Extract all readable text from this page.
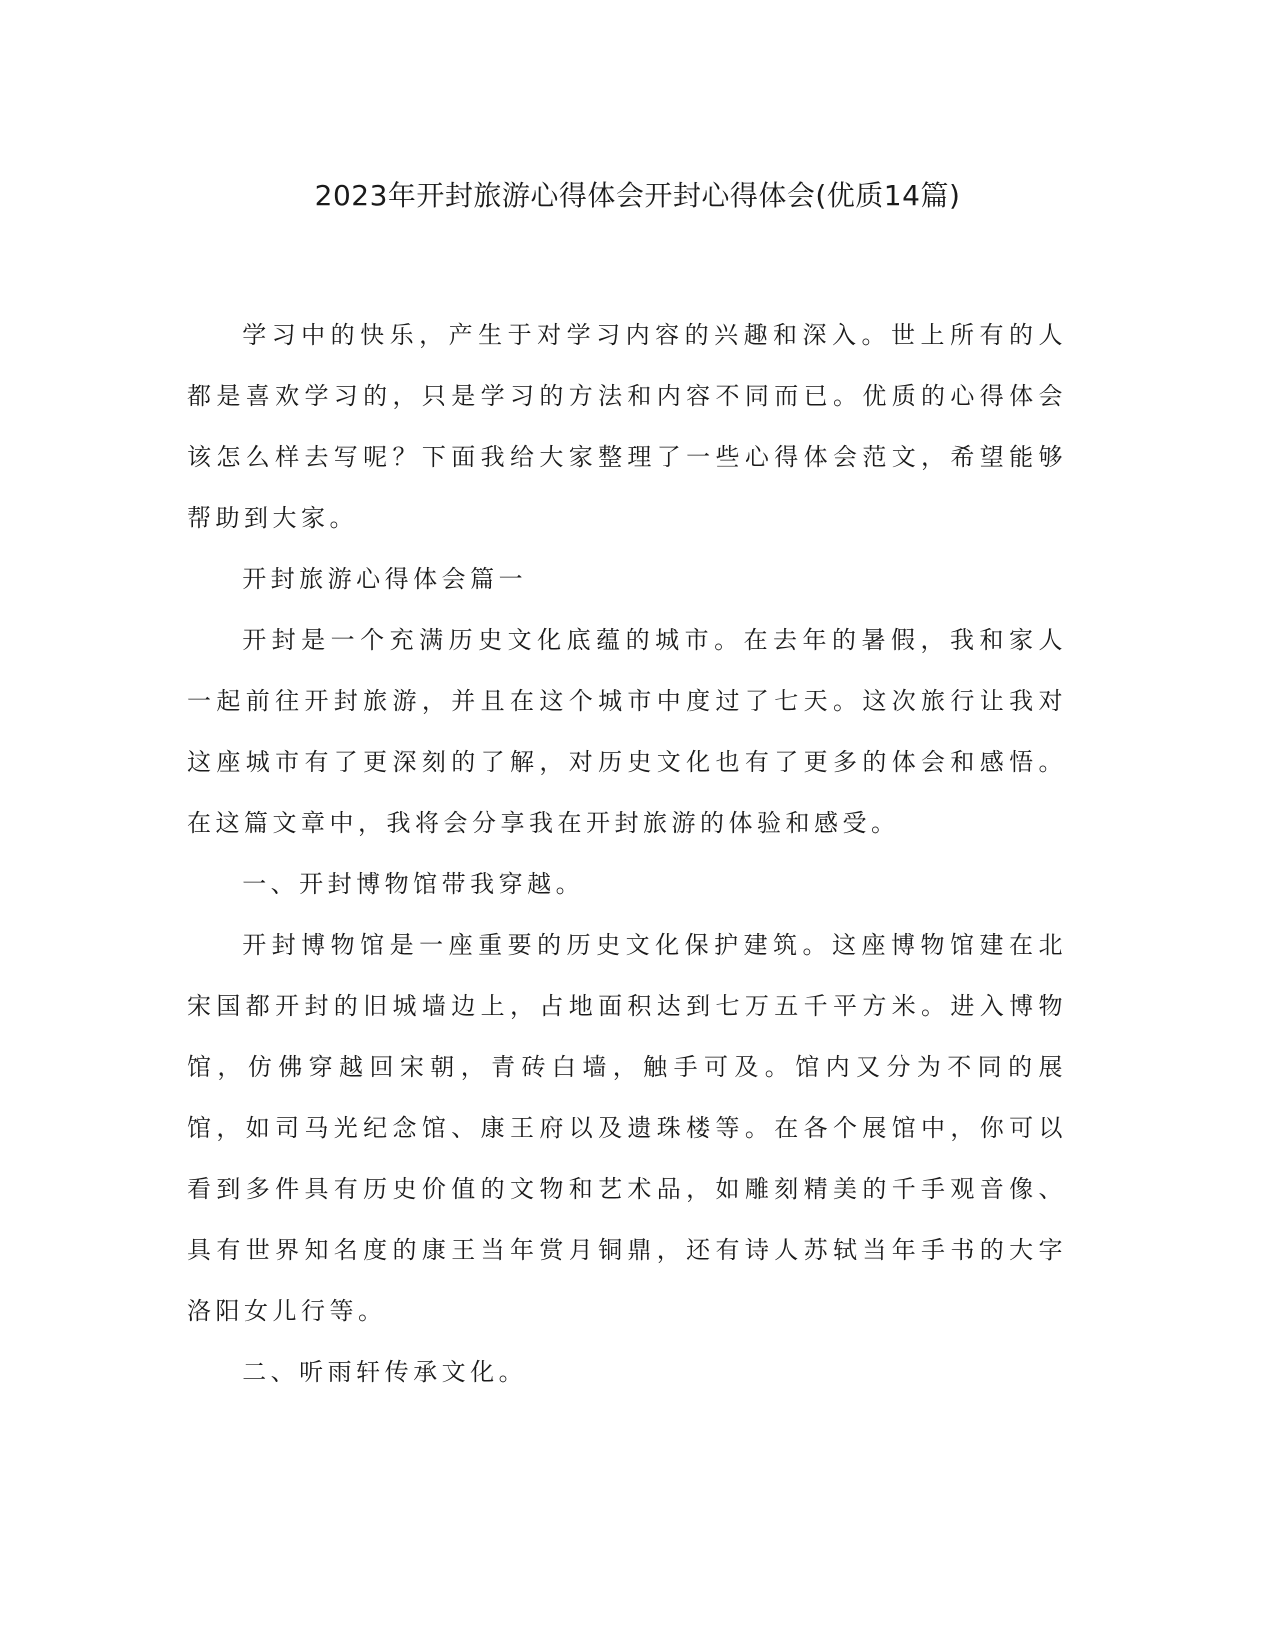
2023年开封旅游心得体会开封心得体会(优质14篇)

学习中的快乐，产生于对学习内容的兴趣和深入。世上所有的人都是喜欢学习的，只是学习的方法和内容不同而已。优质的心得体会该怎么样去写呢？下面我给大家整理了一些心得体会范文，希望能够帮助到大家。

开封旅游心得体会篇一

开封是一个充满历史文化底蕴的城市。在去年的暑假，我和家人一起前往开封旅游，并且在这个城市中度过了七天。这次旅行让我对这座城市有了更深刻的了解，对历史文化也有了更多的体会和感悟。在这篇文章中，我将会分享我在开封旅游的体验和感受。

一、开封博物馆带我穿越。

开封博物馆是一座重要的历史文化保护建筑。这座博物馆建在北宋国都开封的旧城墙边上，占地面积达到七万五千平方米。进入博物馆，仿佛穿越回宋朝，青砖白墙，触手可及。馆内又分为不同的展馆，如司马光纪念馆、康王府以及遗珠楼等。在各个展馆中，你可以看到多件具有历史价值的文物和艺术品，如雕刻精美的千手观音像、具有世界知名度的康王当年赏月铜鼎，还有诗人苏轼当年手书的大字洛阳女儿行等。

二、听雨轩传承文化。
